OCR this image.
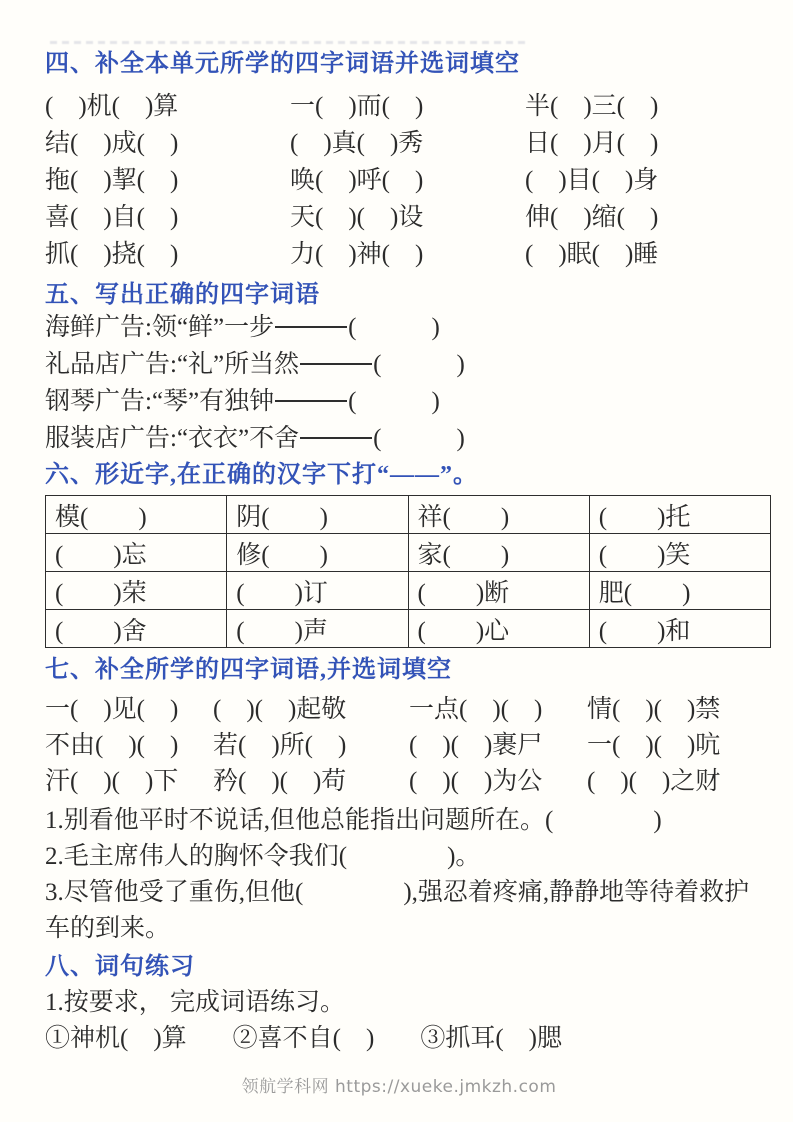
四、补全本单元所学的四字词语并选词填空
(　)机(　)算	一(　)而(　)	半(　)三(　)
结(　)成(　)	(　)真(　)秀	日(　)月(　)
拖(　)挈(　)	唤(　)呼(　)	(　)目(　)身
喜(　)自(　)	天(　)(　)设	伸(　)缩(　)
抓(　)挠(　)	力(　)神(　)	(　)眠(　)睡
五、写出正确的四字词语
海鲜广告:领“鲜”一步	(　　　)
礼品店广告:“礼”所当然	(　　　)
钢琴广告:“琴”有独钟	(　　　)
服装店广告:“衣衣”不舍	(　　　)
六、形近字,在正确的汉字下打“——”。
模(　　)	阴(　　)	祥(　　)	(　　)托
(　　)忘	修(　　)	家(　　)	(　　)笑
(　　)荣	(　　)订	(　　)断	肥(　　)
(　　)舍	(　　)声	(　　)心	(　　)和
七、补全所学的四字词语,并选词填空
一(　)见(　)	(　)(　)起敬	一点(　)(　)	情(　)(　)禁
不由(　)(　)	若(　)所(　)	(　)(　)裹尸	一(　)(　)吭
汗(　)(　)下	矜(　)(　)苟	(　)(　)为公	(　)(　)之财
1.别看他平时不说话,但他总能指出问题所在。(　　　　)
2.毛主席伟人的胸怀令我们(　　　　)。
3.尽管他受了重伤,但他(　　　　),强忍着疼痛,静静地等待着救护车的到来。
八、词句练习
1.按要求， 完成词语练习。
①神机(　)算 ②喜不自(　) ③抓耳(　)腮
领航学科网 https://xueke.jmkzh.com
